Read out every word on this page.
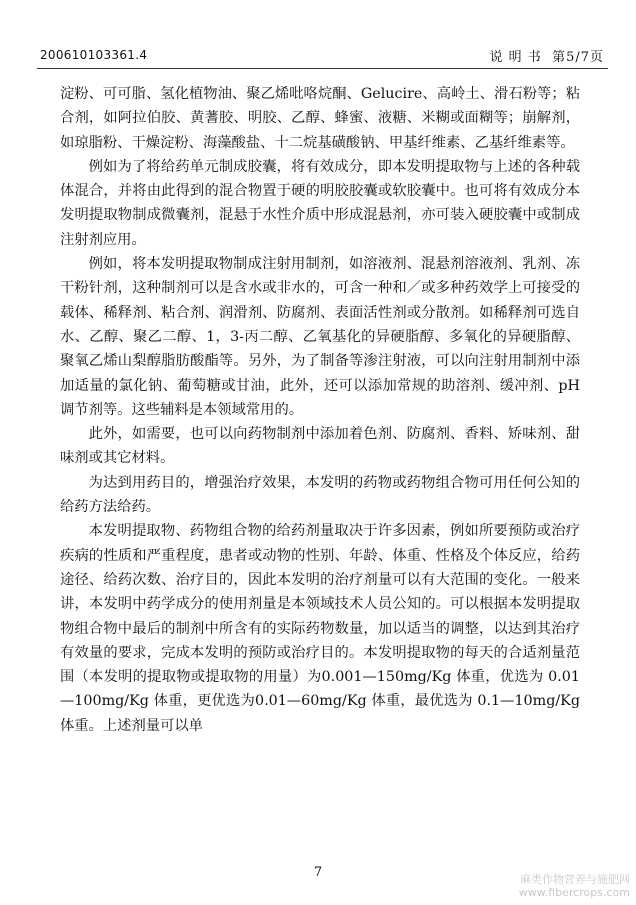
200610103361.4	说 明 书 第5/7页

淀粉、可可脂、氢化植物油、聚乙烯吡咯烷酮、Gelucire、高岭土、滑石粉等；粘合剂，如阿拉伯胶、黄蓍胶、明胶、乙醇、蜂蜜、液糖、米糊或面糊等；崩解剂，如琼脂粉、干燥淀粉、海藻酸盐、十二烷基磺酸钠、甲基纤维素、乙基纤维素等。

例如为了将给药单元制成胶囊，将有效成分，即本发明提取物与上述的各种载体混合，并将由此得到的混合物置于硬的明胶胶囊或软胶囊中。也可将有效成分本发明提取物制成微囊剂，混悬于水性介质中形成混悬剂，亦可装入硬胶囊中或制成注射剂应用。

例如，将本发明提取物制成注射用制剂，如溶液剂、混悬剂溶液剂、乳剂、冻干粉针剂，这种制剂可以是含水或非水的，可含一种和／或多种药效学上可接受的载体、稀释剂、粘合剂、润滑剂、防腐剂、表面活性剂或分散剂。如稀释剂可选自水、乙醇、聚乙二醇、1，3-丙二醇、乙氧基化的异硬脂醇、多氧化的异硬脂醇、聚氧乙烯山梨醇脂肪酸酯等。另外，为了制备等渗注射液，可以向注射用制剂中添加适量的氯化钠、葡萄糖或甘油，此外，还可以添加常规的助溶剂、缓冲剂、pH 调节剂等。这些辅料是本领域常用的。

此外，如需要，也可以向药物制剂中添加着色剂、防腐剂、香料、矫味剂、甜味剂或其它材料。

为达到用药目的，增强治疗效果，本发明的药物或药物组合物可用任何公知的给药方法给药。

本发明提取物、药物组合物的给药剂量取决于许多因素，例如所要预防或治疗疾病的性质和严重程度，患者或动物的性别、年龄、体重、性格及个体反应，给药途径、给药次数、治疗目的，因此本发明的治疗剂量可以有大范围的变化。一般来讲，本发明中药学成分的使用剂量是本领域技术人员公知的。可以根据本发明提取物组合物中最后的制剂中所含有的实际药物数量，加以适当的调整，以达到其治疗有效量的要求，完成本发明的预防或治疗目的。本发明提取物的每天的合适剂量范围（本发明的提取物或提取物的用量）为0.001—150mg/Kg 体重，优选为 0.01—100mg/Kg 体重，更优选为0.01—60mg/Kg 体重，最优选为 0.1—10mg/Kg 体重。上述剂量可以单

7	麻类作物营养与施肥网
www.fibercrops.com
